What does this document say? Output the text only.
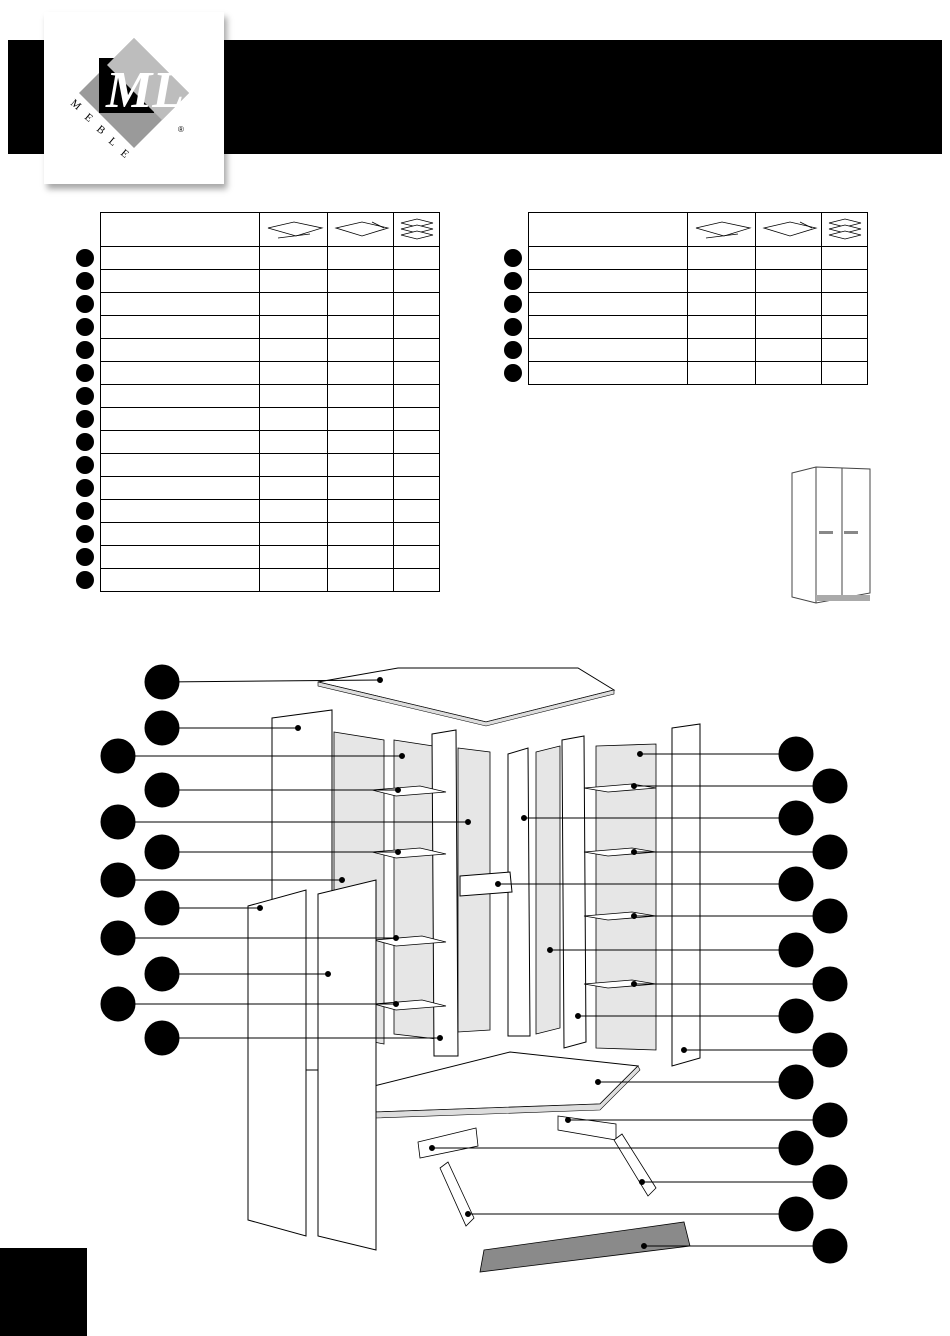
ML
®
M
E
B
L
E
